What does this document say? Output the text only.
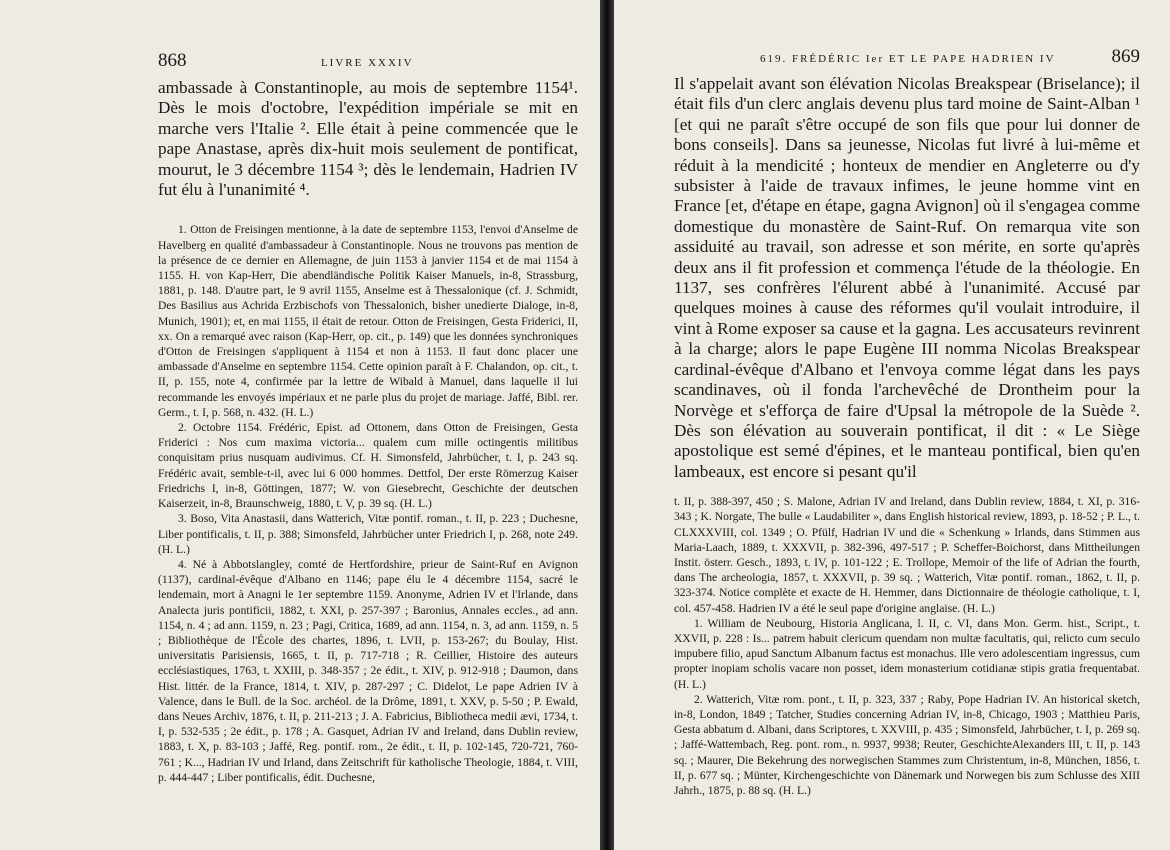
868	LIVRE XXXIV

ambassade à Constantinople, au mois de septembre 1154¹. Dès le mois d'octobre, l'expédition impériale se mit en marche vers l'Italie ². Elle était à peine commencée que le pape Anastase, après dix-huit mois seulement de pontificat, mourut, le 3 décembre 1154 ³; dès le lendemain, Hadrien IV fut élu à l'unanimité ⁴.

1. Otton de Freisingen mentionne, à la date de septembre 1153, l'envoi d'Anselme de Havelberg en qualité d'ambassadeur à Constantinople. Nous ne trouvons pas mention de la présence de ce dernier en Allemagne, de juin 1153 à janvier 1154 et de mai 1154 à 1155. H. von Kap-Herr, Die abendländische Politik Kaiser Manuels, in-8, Strassburg, 1881, p. 148. D'autre part, le 9 avril 1155, Anselme est à Thessalonique (cf. J. Schmidt, Des Basilius aus Achrida Erzbischofs von Thessalonich, bisher unedierte Dialoge, in-8, Munich, 1901); et, en mai 1155, il était de retour. Otton de Freisingen, Gesta Friderici, II, xx. On a remarqué avec raison (Kap-Herr, op. cit., p. 149) que les données synchroniques d'Otton de Freisingen s'appliquent à 1154 et non à 1153. Il faut donc placer une ambassade d'Anselme en septembre 1154. Cette opinion paraît à F. Chalandon, op. cit., t. II, p. 155, note 4, confirmée par la lettre de Wibald à Manuel, dans laquelle il lui recommande les envoyés impériaux et ne parle plus du projet de mariage. Jaffé, Bibl. rer. Germ., t. I, p. 568, n. 432. (H. L.)

2. Octobre 1154. Frédéric, Epist. ad Ottonem, dans Otton de Freisingen, Gesta Friderici : Nos cum maxima victoria... qualem cum mille octingentis militibus conquisitam prius nusquam audivimus. Cf. H. Simonsfeld, Jahrbücher, t. I, p. 243 sq. Frédéric avait, semble-t-il, avec lui 6 000 hommes. Dettfol, Der erste Römerzug Kaiser Friedrichs I, in-8, Göttingen, 1877; W. von Giesebrecht, Geschichte der deutschen Kaiserzeit, in-8, Braunschweig, 1880, t. V, p. 39 sq. (H. L.)

3. Boso, Vita Anastasii, dans Watterich, Vitæ pontif. roman., t. II, p. 223 ; Duchesne, Liber pontificalis, t. II, p. 388; Simonsfeld, Jahrbücher unter Friedrich I, p. 268, note 249. (H. L.)

4. Né à Abbotslangley, comté de Hertfordshire, prieur de Saint-Ruf en Avignon (1137), cardinal-évêque d'Albano en 1146; pape élu le 4 décembre 1154, sacré le lendemain, mort à Anagni le 1er septembre 1159. Anonyme, Adrien IV et l'Irlande, dans Analecta juris pontificii, 1882, t. XXI, p. 257-397 ; Baronius, Annales eccles., ad ann. 1154, n. 4 ; ad ann. 1159, n. 23 ; Pagi, Critica, 1689, ad ann. 1154, n. 3, ad ann. 1159, n. 5 ; Bibliothèque de l'École des chartes, 1896, t. LVII, p. 153-267; du Boulay, Hist. universitatis Parisiensis, 1665, t. II, p. 717-718 ; R. Ceillier, Histoire des auteurs ecclésiastiques, 1763, t. XXIII, p. 348-357 ; 2e édit., t. XIV, p. 912-918 ; Daumon, dans Hist. littér. de la France, 1814, t. XIV, p. 287-297 ; C. Didelot, Le pape Adrien IV à Valence, dans le Bull. de la Soc. archéol. de la Drôme, 1891, t. XXV, p. 5-50 ; P. Ewald, dans Neues Archiv, 1876, t. II, p. 211-213 ; J. A. Fabricius, Bibliotheca medii ævi, 1734, t. I, p. 532-535 ; 2e édit., p. 178 ; A. Gasquet, Adrian IV and Ireland, dans Dublin review, 1883, t. X, p. 83-103 ; Jaffé, Reg. pontif. rom., 2e édit., t. II, p. 102-145, 720-721, 760-761 ; K..., Hadrian IV und Irland, dans Zeitschrift für katholische Theologie, 1884, t. VIII, p. 444-447 ; Liber pontificalis, édit. Duchesne,

619. FRÉDÉRIC Ier ET LE PAPE HADRIEN IV	869

Il s'appelait avant son élévation Nicolas Breakspear (Briselance); il était fils d'un clerc anglais devenu plus tard moine de Saint-Alban ¹ [et qui ne paraît s'être occupé de son fils que pour lui donner de bons conseils]. Dans sa jeunesse, Nicolas fut livré à lui-même et réduit à la mendicité ; honteux de mendier en Angleterre ou d'y subsister à l'aide de travaux infimes, le jeune homme vint en France [et, d'étape en étape, gagna Avignon] où il s'engagea comme domestique du monastère de Saint-Ruf. On remarqua vite son assiduité au travail, son adresse et son mérite, en sorte qu'après deux ans il fit profession et commença l'étude de la théologie. En 1137, ses confrères l'élurent abbé à l'unanimité. Accusé par quelques moines à cause des réformes qu'il voulait introduire, il vint à Rome exposer sa cause et la gagna. Les accusateurs revinrent à la charge; alors le pape Eugène III nomma Nicolas Breakspear cardinal-évêque d'Albano et l'envoya comme légat dans les pays scandinaves, où il fonda l'archevêché de Drontheim pour la Norvège et s'efforça de faire d'Upsal la métropole de la Suède ². Dès son élévation au souverain pontificat, il dit : « Le Siège apostolique est semé d'épines, et le manteau pontifical, bien qu'en lambeaux, est encore si pesant qu'il

t. II, p. 388-397, 450 ; S. Malone, Adrian IV and Ireland, dans Dublin review, 1884, t. XI, p. 316-343 ; K. Norgate, The bulle « Laudabiliter », dans English historical review, 1893, p. 18-52 ; P. L., t. CLXXXVIII, col. 1349 ; O. Pfülf, Hadrian IV und die « Schenkung » Irlands, dans Stimmen aus Maria-Laach, 1889, t. XXXVII, p. 382-396, 497-517 ; P. Scheffer-Boichorst, dans Mittheilungen Instit. österr. Gesch., 1893, t. IV, p. 101-122 ; E. Trollope, Memoir of the life of Adrian the fourth, dans The archeologia, 1857, t. XXXVII, p. 39 sq. ; Watterich, Vitæ pontif. roman., 1862, t. II, p. 323-374. Notice complète et exacte de H. Hemmer, dans Dictionnaire de théologie catholique, t. I, col. 457-458. Hadrien IV a été le seul pape d'origine anglaise. (H. L.)

1. William de Neubourg, Historia Anglicana, l. II, c. VI, dans Mon. Germ. hist., Script., t. XXVII, p. 228 : Is... patrem habuit clericum quendam non multæ facultatis, qui, relicto cum seculo impubere filio, apud Sanctum Albanum factus est monachus. Ille vero adolescentiam ingressus, cum propter inopiam scholis vacare non posset, idem monasterium cotidianæ stipis gratia frequentabat. (H. L.)

2. Watterich, Vitæ rom. pont., t. II, p. 323, 337 ; Raby, Pope Hadrian IV. An historical sketch, in-8, London, 1849 ; Tatcher, Studies concerning Adrian IV, in-8, Chicago, 1903 ; Matthieu Paris, Gesta abbatum d. Albani, dans Scriptores, t. XXVIII, p. 435 ; Simonsfeld, Jahrbücher, t. I, p. 269 sq. ; Jaffé-Wattembach, Reg. pont. rom., n. 9937, 9938; Reuter, GeschichteAlexanders III, t. II, p. 143 sq. ; Maurer, Die Bekehrung des norwegischen Stammes zum Christentum, in-8, München, 1856, t. II, p. 677 sq. ; Münter, Kirchengeschichte von Dänemark und Norwegen bis zum Schlusse des XIII Jahrh., 1875, p. 88 sq. (H. L.)
